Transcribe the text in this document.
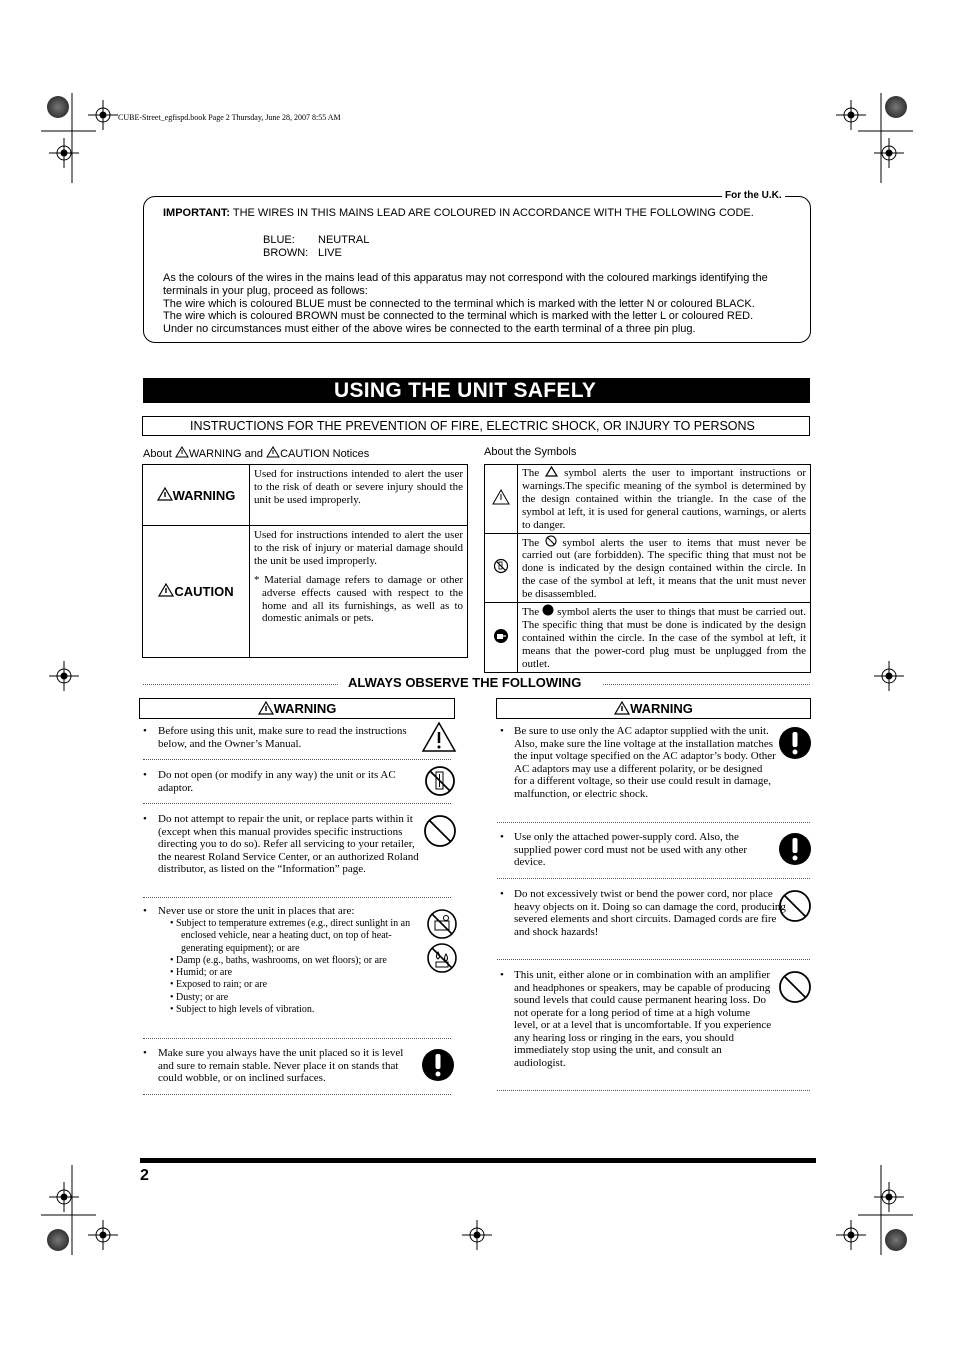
CUBE-Street_egfispd.book Page 2 Thursday, June 28, 2007 8:55 AM
For the U.K.
IMPORTANT: THE WIRES IN THIS MAINS LEAD ARE COLOURED IN ACCORDANCE WITH THE FOLLOWING CODE.
BLUE: NEUTRAL
BROWN: LIVE
As the colours of the wires in the mains lead of this apparatus may not correspond with the coloured markings identifying the terminals in your plug, proceed as follows:
The wire which is coloured BLUE must be connected to the terminal which is marked with the letter N or coloured BLACK.
The wire which is coloured BROWN must be connected to the terminal which is marked with the letter L or coloured RED.
Under no circumstances must either of the above wires be connected to the earth terminal of a three pin plug.
USING THE UNIT SAFELY
INSTRUCTIONS FOR THE PREVENTION OF FIRE, ELECTRIC SHOCK, OR INJURY TO PERSONS
About WARNING and CAUTION Notices
WARNING	Used for instructions intended to alert the user to the risk of death or severe injury should the unit be used improperly.
CAUTION	Used for instructions intended to alert the user to the risk of injury or material damage should the unit be used improperly.
* Material damage refers to damage or other adverse effects caused with respect to the home and all its furnishings, as well as to domestic animals or pets.
About the Symbols
	The symbol alerts the user to important instructions or warnings.The specific meaning of the symbol is determined by the design contained within the triangle. In the case of the symbol at left, it is used for general cautions, warnings, or alerts to danger.
	The symbol alerts the user to items that must never be carried out (are forbidden). The specific thing that must not be done is indicated by the design contained within the circle. In the case of the symbol at left, it means that the unit must never be disassembled.
	The symbol alerts the user to things that must be carried out. The specific thing that must be done is indicated by the design contained within the circle. In the case of the symbol at left, it means that the power-cord plug must be unplugged from the outlet.
ALWAYS OBSERVE THE FOLLOWING
WARNING	WARNING
• Before using this unit, make sure to read the instructions below, and the Owner’s Manual.
• Do not open (or modify in any way) the unit or its AC adaptor.
• Do not attempt to repair the unit, or replace parts within it (except when this manual provides specific instructions directing you to do so). Refer all servicing to your retailer, the nearest Roland Service Center, or an authorized Roland distributor, as listed on the “Information” page.
• Never use or store the unit in places that are:
• Subject to temperature extremes (e.g., direct sunlight in an enclosed vehicle, near a heating duct, on top of heat-generating equipment); or are
• Damp (e.g., baths, washrooms, on wet floors); or are
• Humid; or are
• Exposed to rain; or are
• Dusty; or are
• Subject to high levels of vibration.
• Make sure you always have the unit placed so it is level and sure to remain stable. Never place it on stands that could wobble, or on inclined surfaces.
• Be sure to use only the AC adaptor supplied with the unit. Also, make sure the line voltage at the installation matches the input voltage specified on the AC adaptor’s body. Other AC adaptors may use a different polarity, or be designed for a different voltage, so their use could result in damage, malfunction, or electric shock.
• Use only the attached power-supply cord. Also, the supplied power cord must not be used with any other device.
• Do not excessively twist or bend the power cord, nor place heavy objects on it. Doing so can damage the cord, producing severed elements and short circuits. Damaged cords are fire and shock hazards!
• This unit, either alone or in combination with an amplifier and headphones or speakers, may be capable of producing sound levels that could cause permanent hearing loss. Do not operate for a long period of time at a high volume level, or at a level that is uncomfortable. If you experience any hearing loss or ringing in the ears, you should immediately stop using the unit, and consult an audiologist.
2
